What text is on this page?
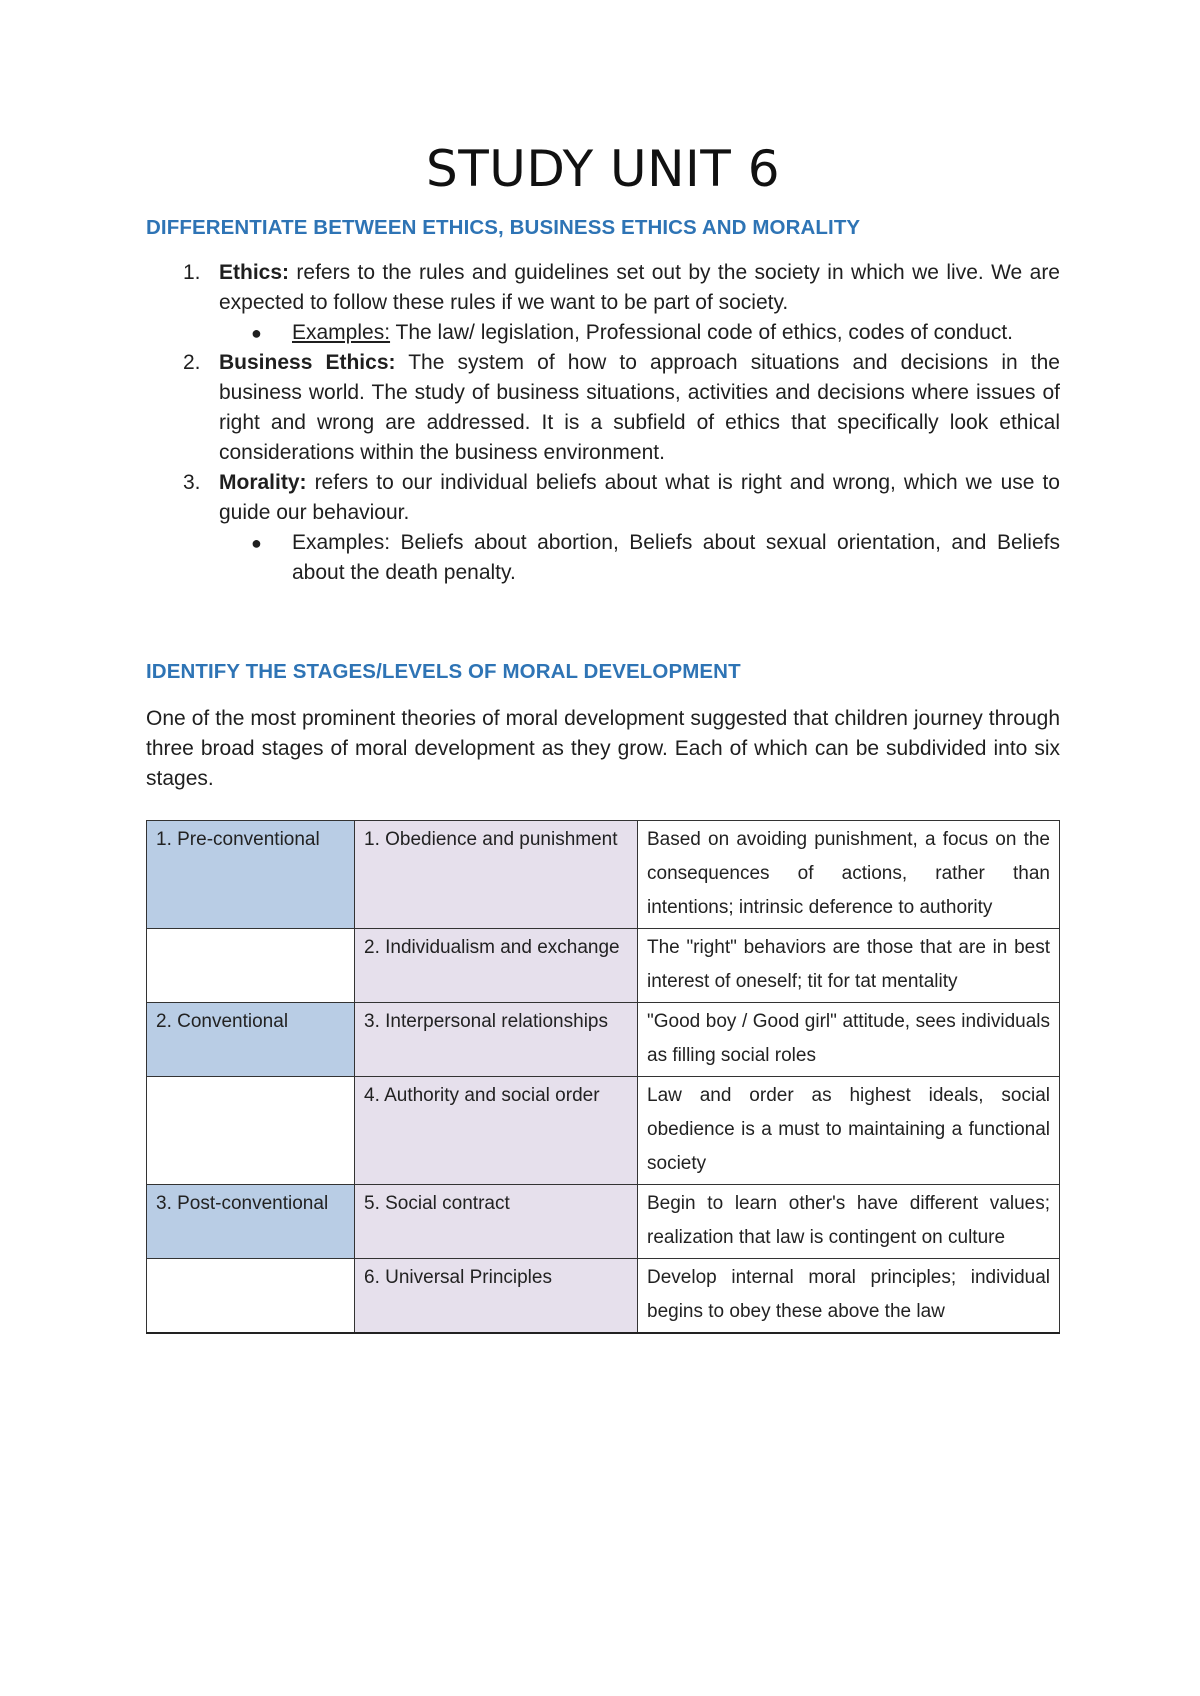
STUDY UNIT 6
DIFFERENTIATE BETWEEN ETHICS, BUSINESS ETHICS AND MORALITY
1. Ethics: refers to the rules and guidelines set out by the society in which we live. We are expected to follow these rules if we want to be part of society.
● Examples: The law/ legislation, Professional code of ethics, codes of conduct.
2. Business Ethics: The system of how to approach situations and decisions in the business world. The study of business situations, activities and decisions where issues of right and wrong are addressed. It is a subfield of ethics that specifically look ethical considerations within the business environment.
3. Morality: refers to our individual beliefs about what is right and wrong, which we use to guide our behaviour.
● Examples: Beliefs about abortion, Beliefs about sexual orientation, and Beliefs about the death penalty.
IDENTIFY THE STAGES/LEVELS OF MORAL DEVELOPMENT

One of the most prominent theories of moral development suggested that children journey through three broad stages of moral development as they grow. Each of which can be subdivided into six stages.

1. Pre-conventional	1. Obedience and punishment	Based on avoiding punishment, a focus on the consequences of actions, rather than intentions; intrinsic deference to authority
	2. Individualism and exchange	The "right" behaviors are those that are in best interest of oneself; tit for tat mentality
2. Conventional	3. Interpersonal relationships	"Good boy / Good girl" attitude, sees individuals as filling social roles
	4. Authority and social order	Law and order as highest ideals, social obedience is a must to maintaining a functional society
3. Post-conventional	5. Social contract	Begin to learn other's have different values; realization that law is contingent on culture
	6. Universal Principles	Develop internal moral principles; individual begins to obey these above the law
